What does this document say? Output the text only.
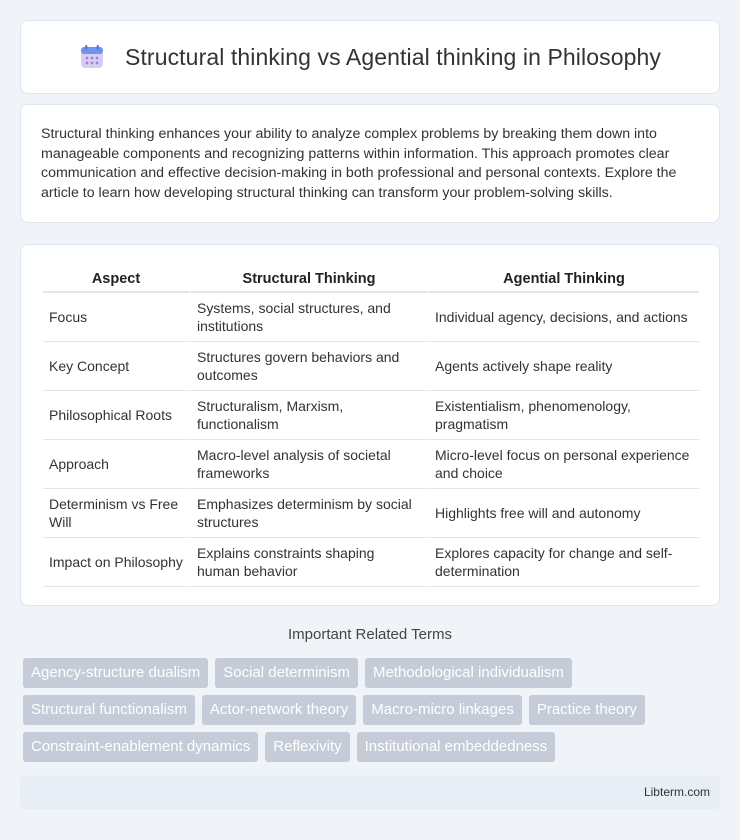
Structural thinking vs Agential thinking in Philosophy

Structural thinking enhances your ability to analyze complex problems by breaking them down into manageable components and recognizing patterns within information. This approach promotes clear communication and effective decision-making in both professional and personal contexts. Explore the article to learn how developing structural thinking can transform your problem-solving skills.

Aspect	Structural Thinking	Agential Thinking
Focus	Systems, social structures, and institutions	Individual agency, decisions, and actions
Key Concept	Structures govern behaviors and outcomes	Agents actively shape reality
Philosophical Roots	Structuralism, Marxism, functionalism	Existentialism, phenomenology, pragmatism
Approach	Macro-level analysis of societal frameworks	Micro-level focus on personal experience and choice
Determinism vs Free Will	Emphasizes determinism by social structures	Highlights free will and autonomy
Impact on Philosophy	Explains constraints shaping human behavior	Explores capacity for change and self-determination
Important Related Terms
Agency-structure dualism	Social determinism	Methodological individualism
Structural functionalism	Actor-network theory	Macro-micro linkages	Practice theory
Constraint-enablement dynamics	Reflexivity	Institutional embeddedness
Libterm.com
